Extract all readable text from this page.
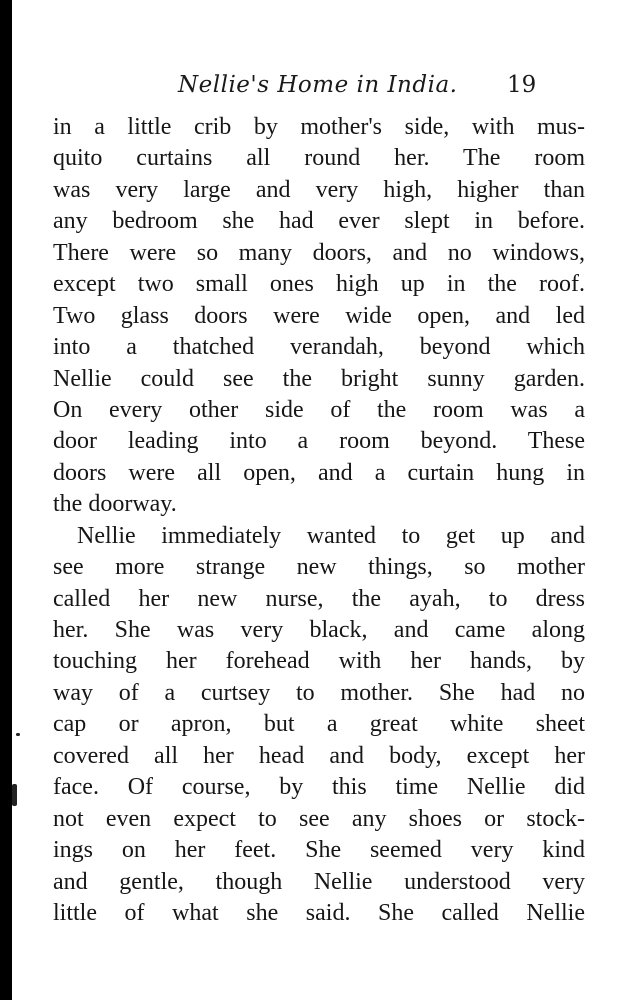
Nellie's Home in India. 19
in a little crib by mother's side, with mus-
quito curtains all round her. The room
was very large and very high, higher than
any bedroom she had ever slept in before.
There were so many doors, and no windows,
except two small ones high up in the roof.
Two glass doors were wide open, and led
into a thatched verandah, beyond which
Nellie could see the bright sunny garden.
On every other side of the room was a
door leading into a room beyond. These
doors were all open, and a curtain hung in
the doorway.
Nellie immediately wanted to get up and
see more strange new things, so mother
called her new nurse, the ayah, to dress
her. She was very black, and came along
touching her forehead with her hands, by
way of a curtsey to mother. She had no
cap or apron, but a great white sheet
covered all her head and body, except her
face. Of course, by this time Nellie did
not even expect to see any shoes or stock-
ings on her feet. She seemed very kind
and gentle, though Nellie understood very
little of what she said. She called Nellie
